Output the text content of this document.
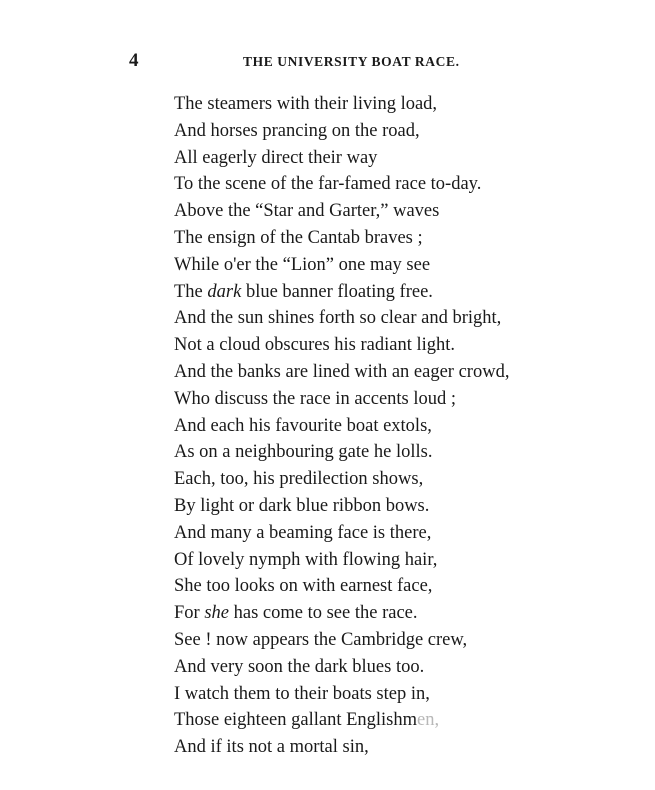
4	THE UNIVERSITY BOAT RACE.
The steamers with their living load,
And horses prancing on the road,
All eagerly direct their way
To the scene of the far-famed race to-day.
Above the “Star and Garter,” waves
The ensign of the Cantab braves ;
While o'er the “Lion” one may see
The dark blue banner floating free.
And the sun shines forth so clear and bright,
Not a cloud obscures his radiant light.
And the banks are lined with an eager crowd,
Who discuss the race in accents loud ;
And each his favourite boat extols,
As on a neighbouring gate he lolls.
Each, too, his predilection shows,
By light or dark blue ribbon bows.
And many a beaming face is there,
Of lovely nymph with flowing hair,
She too looks on with earnest face,
For she has come to see the race.
See ! now appears the Cambridge crew,
And very soon the dark blues too.
I watch them to their boats step in,
Those eighteen gallant Englishmen,
And if its not a mortal sin,
